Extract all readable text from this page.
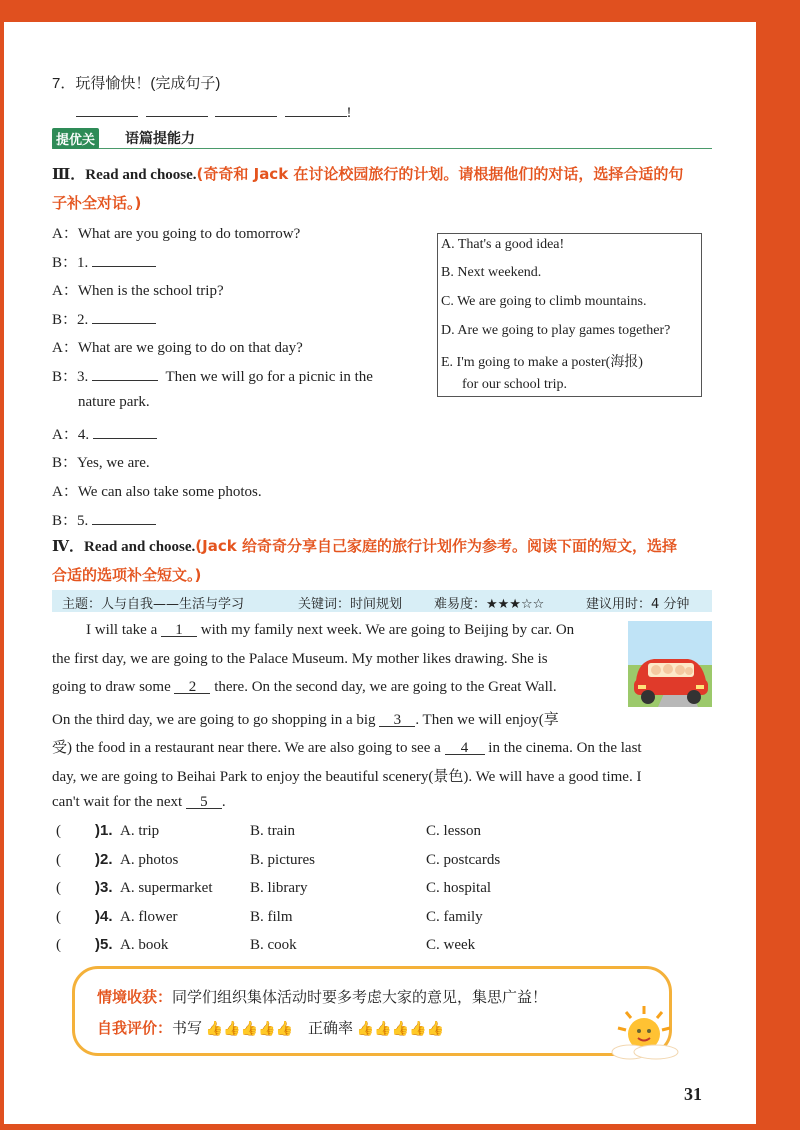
7．玩得愉快！(完成句子)
!
提优关 语篇提能力
Ⅲ．Read and choose.(奇奇和 Jack 在讨论校园旅行的计划。请根据他们的对话，选择合适的句
子补全对话。)
A：What are you going to do tomorrow?
B：1.
A：When is the school trip?
B：2.
A：What are we going to do on that day?
B：3.	Then we will go for a picnic in the
nature park.
A：4.
B：Yes, we are.
A：We can also take some photos.
B：5.
A. That's a good idea!
B. Next weekend.
C. We are going to climb mountains.
D. Are we going to play games together?
E. I'm going to make a poster(海报)
for our school trip.
Ⅳ．Read and choose.(Jack 给奇奇分享自己家庭的旅行计划作为参考。阅读下面的短文，选择
合适的选项补全短文。)
主题：人与自我——生活与学习	关键词：时间规划 难易度：★★★☆☆	建议用时：4 分钟
I will take a 1 with my family next week. We are going to Beijing by car. On
the first day, we are going to the Palace Museum. My mother likes drawing. She is
going to draw some 2 there. On the second day, we are going to the Great Wall.
On the third day, we are going to go shopping in a big 3 . Then we will enjoy(享
受) the food in a restaurant near there. We are also going to see a 4 in the cinema. On the last
day, we are going to Beihai Park to enjoy the beautiful scenery(景色). We will have a good time. I
can't wait for the next 5 .
( )1. A. trip	B. train	C. lesson
( )2. A. photos	B. pictures	C. postcards
( )3. A. supermarket	B. library	C. hospital
( )4. A. flower	B. film	C. family
( )5. A. book	B. cook	C. week
情境收获：同学们组织集体活动时要多考虑大家的意见，集思广益！
自我评价：书写 👍👍👍👍👍 正确率 👍👍👍👍👍
31
